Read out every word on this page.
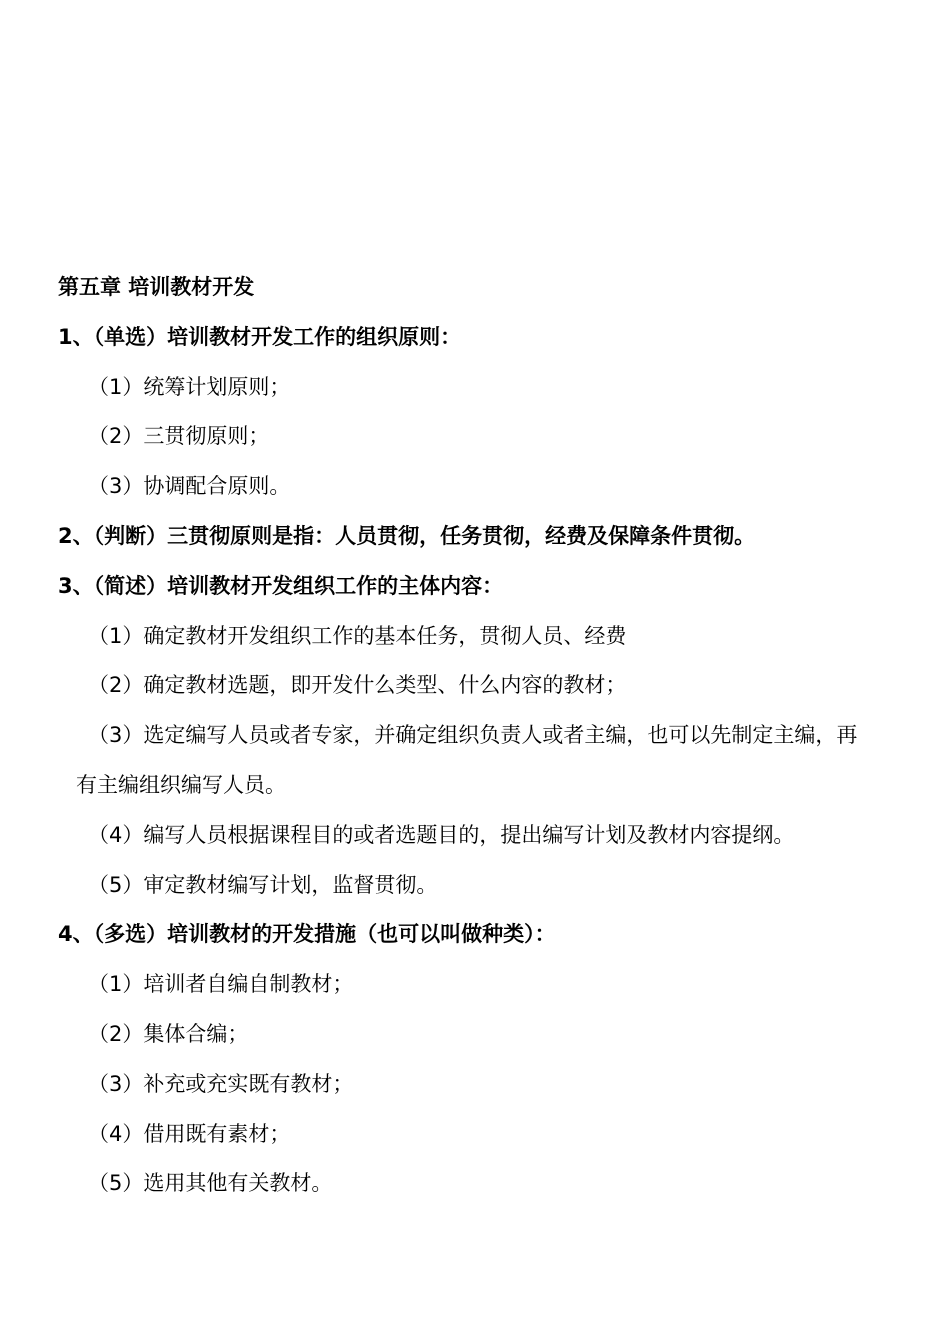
第五章 培训教材开发
1、（单选）培训教材开发工作的组织原则：
（1）统筹计划原则；
（2）三贯彻原则；
（3）协调配合原则。
2、（判断）三贯彻原则是指：人员贯彻，任务贯彻，经费及保障条件贯彻。
3、（简述）培训教材开发组织工作的主体内容：
（1）确定教材开发组织工作的基本任务，贯彻人员、经费
（2）确定教材选题，即开发什么类型、什么内容的教材；
（3）选定编写人员或者专家，并确定组织负责人或者主编，也可以先制定主编，再
有主编组织编写人员。
（4）编写人员根据课程目的或者选题目的，提出编写计划及教材内容提纲。
（5）审定教材编写计划，监督贯彻。
4、（多选）培训教材的开发措施（也可以叫做种类）：
（1）培训者自编自制教材；
（2）集体合编；
（3）补充或充实既有教材；
（4）借用既有素材；
（5）选用其他有关教材。
